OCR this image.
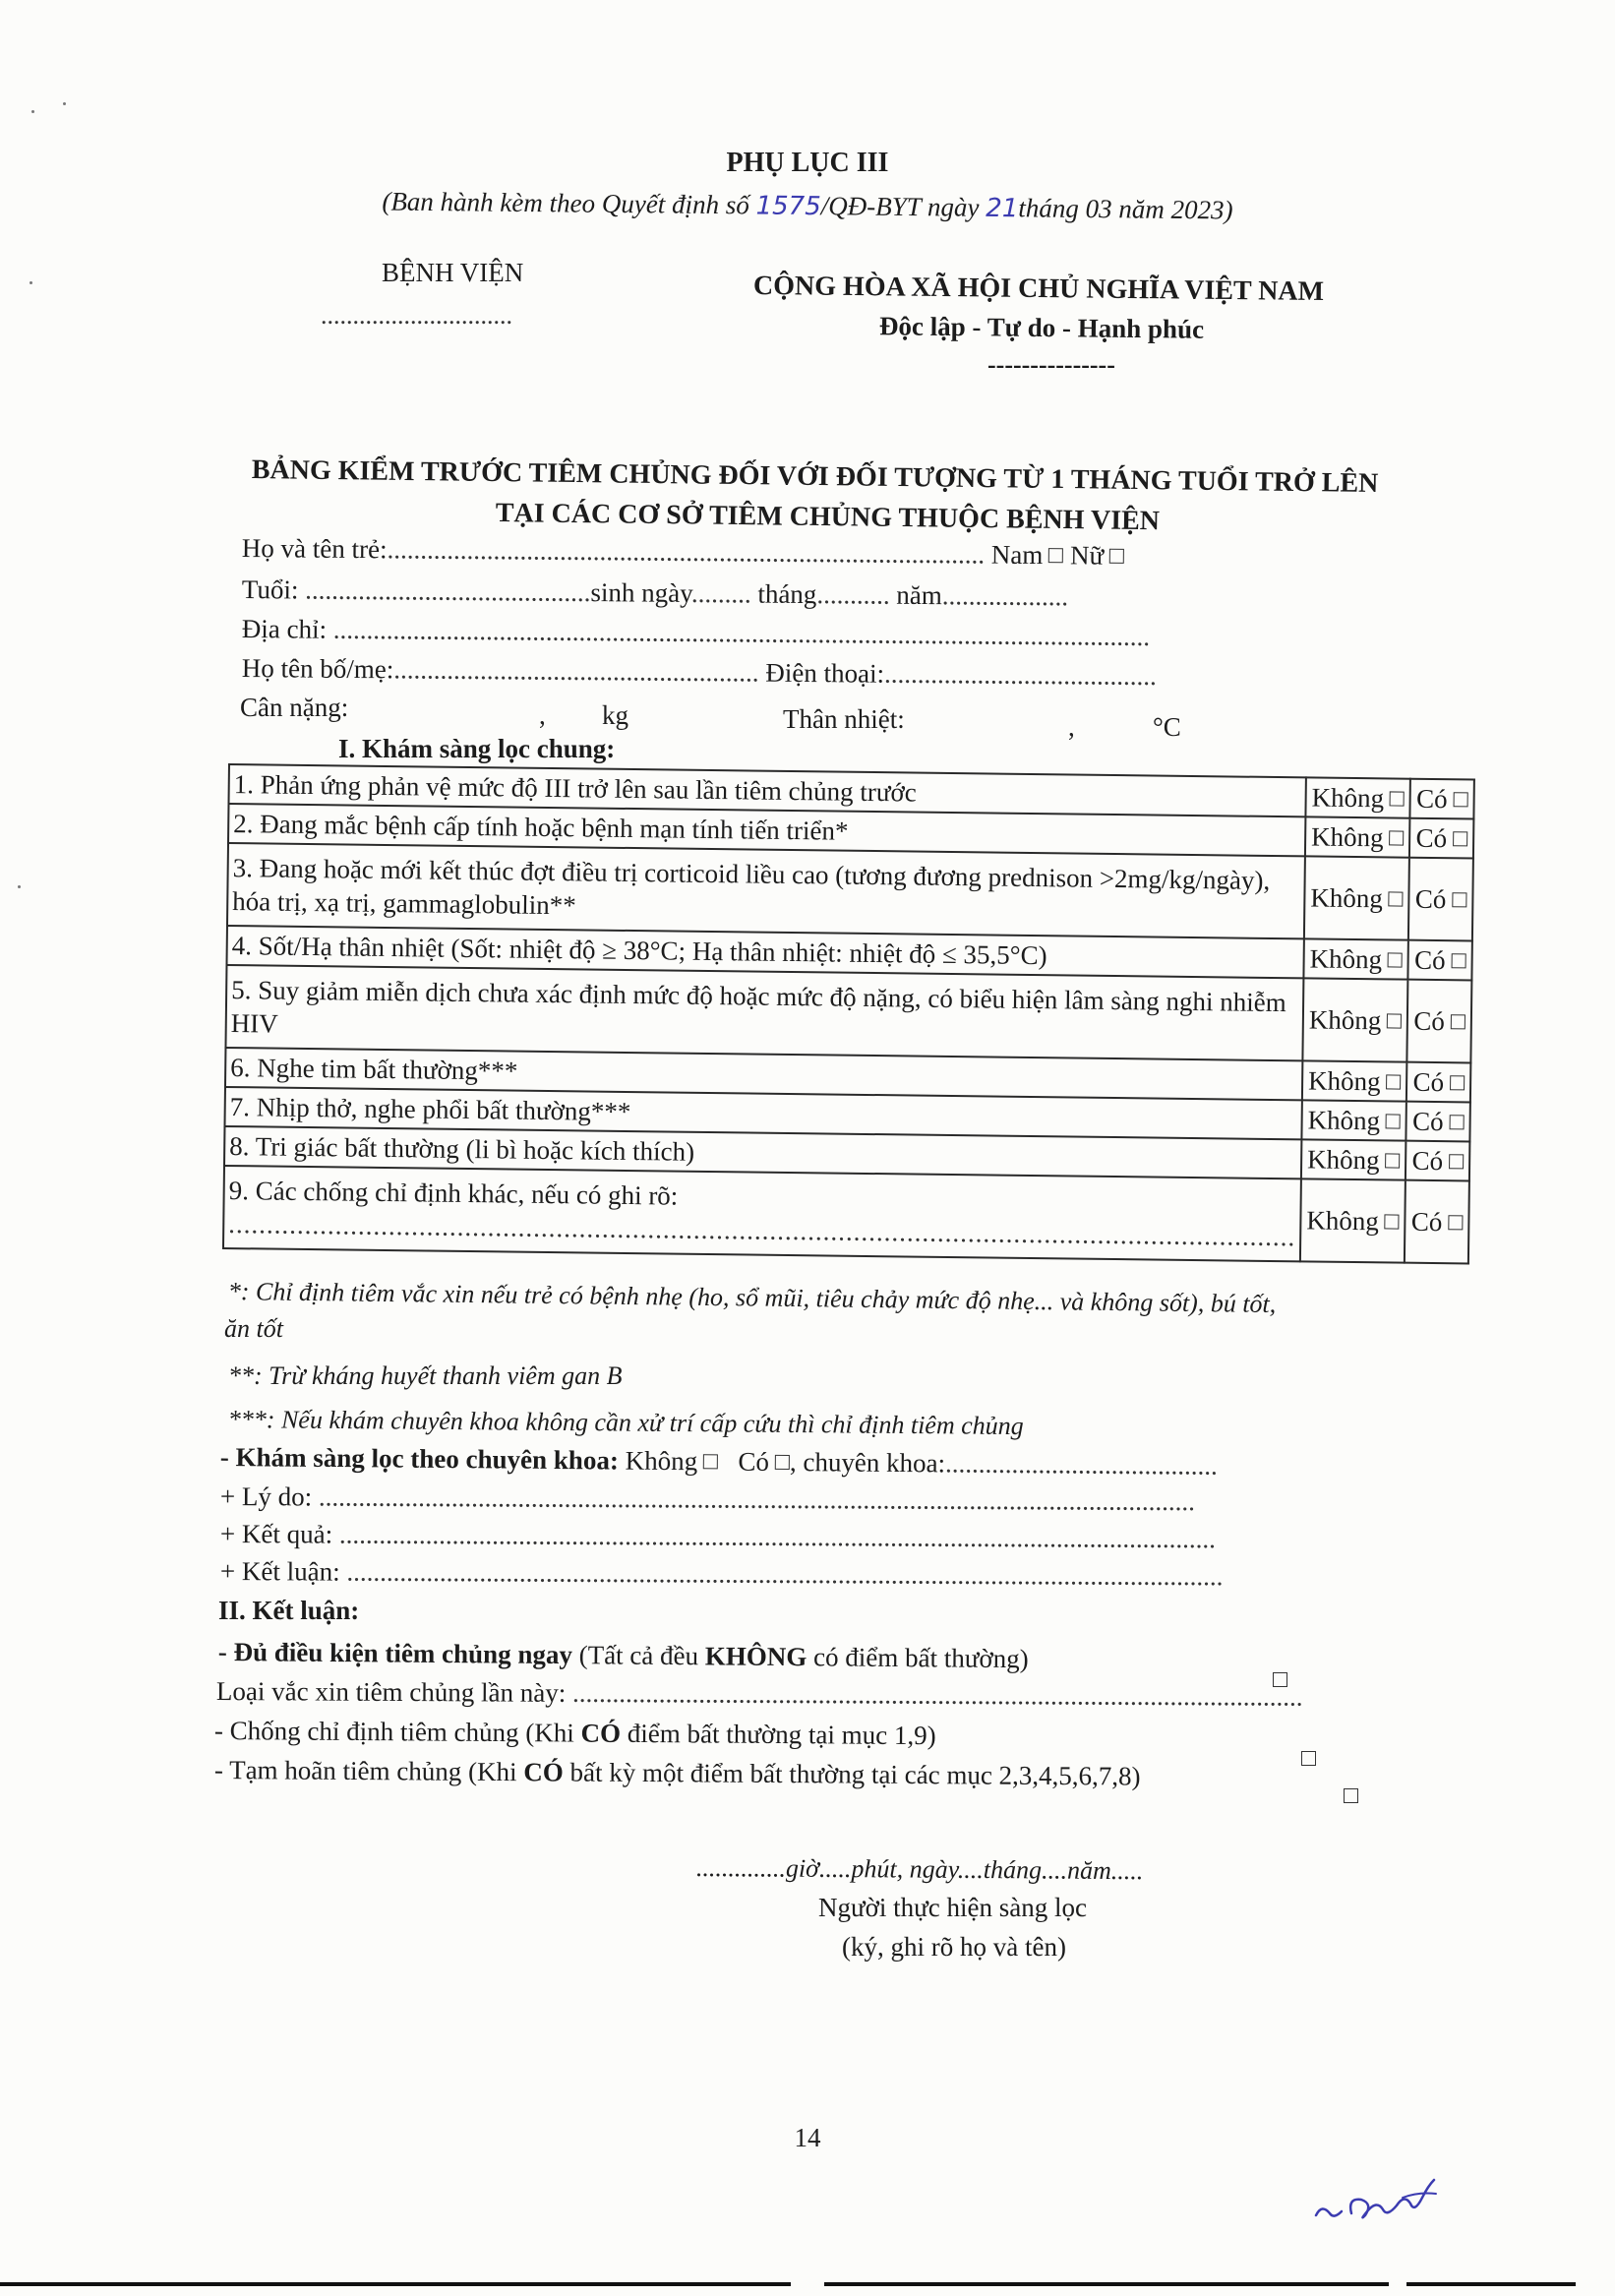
PHỤ LỤC III
(Ban hành kèm theo Quyết định số 1575/QĐ-BYT ngày 21tháng 03 năm 2023)
BỆNH VIỆN
..............................
CỘNG HÒA XÃ HỘI CHỦ NGHĨA VIỆT NAM
Độc lập - Tự do - Hạnh phúc
---------------
BẢNG KIỂM TRƯỚC TIÊM CHỦNG ĐỐI VỚI ĐỐI TƯỢNG TỪ 1 THÁNG TUỔI TRỞ LÊN
TẠI CÁC CƠ SỞ TIÊM CHỦNG THUỘC BỆNH VIỆN
Họ và tên trẻ:.......................................................................................... Nam Nữ
Tuổi: ...........................................sinh ngày......... tháng........... năm...................
Địa chỉ: ...........................................................................................................................
Họ tên bố/mẹ:....................................................... Điện thoại:.........................................
Cân nặng:	, kg	Thân nhiệt:	,	°C
I. Khám sàng lọc chung:
1. Phản ứng phản vệ mức độ III trở lên sau lần tiêm chủng trước	Không	Có

2. Đang mắc bệnh cấp tính hoặc bệnh mạn tính tiến triển*	Không	Có

3. Đang hoặc mới kết thúc đợt điều trị corticoid liều cao (tương đương prednison >2mg/kg/ngày), hóa trị, xạ trị, gammaglobulin**	Không	Có

4. Sốt/Hạ thân nhiệt (Sốt: nhiệt độ ≥ 38°C; Hạ thân nhiệt: nhiệt độ ≤ 35,5°C)	Không	Có

5. Suy giảm miễn dịch chưa xác định mức độ hoặc mức độ nặng, có biểu hiện lâm sàng nghi nhiễm HIV	Không	Có

6. Nghe tim bất thường***	Không	Có

7. Nhịp thở, nghe phổi bất thường***	Không	Có

8. Tri giác bất thường (li bì hoặc kích thích)	Không	Có

9. Các chống chỉ định khác, nếu có ghi rõ:
............................................................................................................................................	Không	Có
*: Chỉ định tiêm vắc xin nếu trẻ có bệnh nhẹ (ho, sổ mũi, tiêu chảy mức độ nhẹ... và không sốt), bú tốt,
ăn tốt
**: Trừ kháng huyết thanh viêm gan B
***: Nếu khám chuyên khoa không cần xử trí cấp cứu thì chỉ định tiêm chủng
- Khám sàng lọc theo chuyên khoa: Không Có , chuyên khoa:.........................................
+ Lý do: ....................................................................................................................................
+ Kết quả: ....................................................................................................................................
+ Kết luận: ....................................................................................................................................
II. Kết luận:
- Đủ điều kiện tiêm chủng ngay (Tất cả đều KHÔNG có điểm bất thường)

Loại vắc xin tiêm chủng lần này: ..............................................................................................................
- Chống chỉ định tiêm chủng (Khi CÓ điểm bất thường tại mục 1,9)

- Tạm hoãn tiêm chủng (Khi CÓ bất kỳ một điểm bất thường tại các mục 2,3,4,5,6,7,8)
..............giờ.....phút, ngày....tháng....năm.....
Người thực hiện sàng lọc
(ký, ghi rõ họ và tên)
14
